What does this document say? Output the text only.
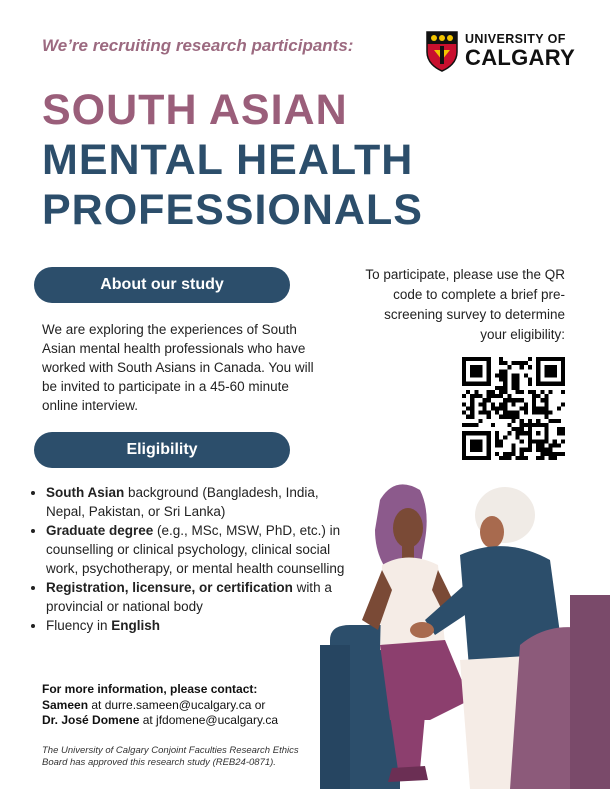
We’re recruiting research participants:	UNIVERSITY OF
CALGARY
SOUTH ASIAN
MENTAL HEALTH
PROFESSIONALS
About our study
We are exploring the experiences of South Asian mental health professionals who have worked with South Asians in Canada. You will be invited to participate in a 45-60 minute online interview.
Eligibility
• South Asian background (Bangladesh, India, Nepal, Pakistan, or Sri Lanka)
• Graduate degree (e.g., MSc, MSW, PhD, etc.) in counselling or clinical psychology, clinical social work, psychotherapy, or mental health counselling
• Registration, licensure, or certification with a provincial or national body
• Fluency in English
To participate, please use the QR code to complete a brief pre-screening survey to determine your eligibility:
For more information, please contact:
Sameen at durre.sameen@ucalgary.ca or
Dr. José Domene at jfdomene@ucalgary.ca
The University of Calgary Conjoint Faculties Research Ethics Board has approved this research study (REB24-0871).
